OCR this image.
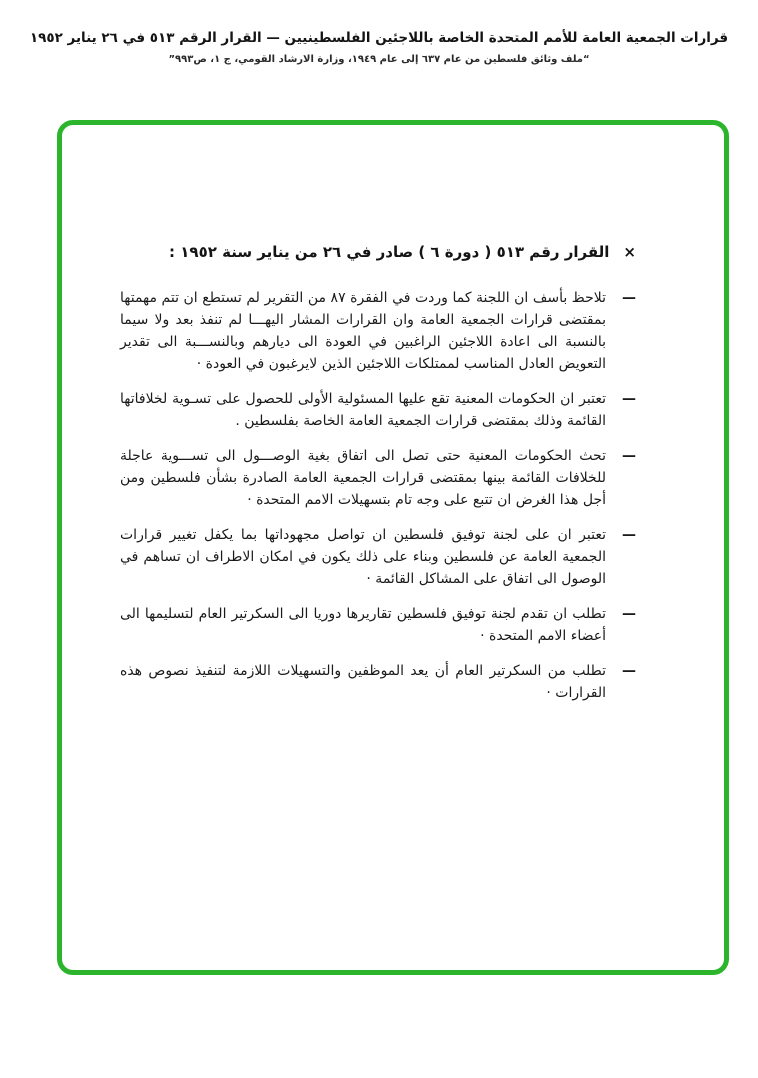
قرارات الجمعية العامة للأمم المتحدة الخاصة باللاجئين الفلسطينيين — القرار الرقم ٥١٣ في ٢٦ يناير ١٩٥٢
“ملف وثائق فلسطين من عام ٦٣٧ إلى عام ١٩٤٩، وزارة الارشاد القومي، ج ١، ص٩٩٣”
×
القرار رقم ٥١٣ ( دورة ٦ ) صادر في ٢٦ من يناير سنة ١٩٥٢ :
—
تلاحظ بأسف ان اللجنة كما وردت في الفقرة ٨٧ من التقرير لم تستطع ان تتم مهمتها بمقتضى قرارات الجمعية العامة وان القرارات المشار اليهـــا لم تنفذ بعد ولا سيما بالنسبة الى اعادة اللاجئين الراغبين في العودة الى ديارهم وبالنســـبة الى تقدير التعويض العادل المناسب لممتلكات اللاجئين الذين لايرغبون في العودة ·
—
تعتبر ان الحكومات المعنية تقع عليها المسئولية الأولى للحصول على تسـوية لخلافاتها القائمة وذلك بمقتضى قرارات الجمعية العامة الخاصة بفلسطين .
—
تحث الحكومات المعنية حتى تصل الى اتفاق بغية الوصـــول الى تســـوية عاجلة للخلافات القائمة بينها بمقتضى قرارات الجمعية العامة الصادرة بشأن فلسطين ومن أجل هذا الغرض ان تتبع على وجه تام بتسهيلات الامم المتحدة ·
—
تعتبر ان على لجنة توفيق فلسطين ان تواصل مجهوداتها بما يكفل تغيير قرارات الجمعية العامة عن فلسطين وبناء على ذلك يكون في امكان الاطراف ان تساهم في الوصول الى اتفاق على المشاكل القائمة ·
—
تطلب ان تقدم لجنة توفيق فلسطين تقاريرها دوريا الى السكرتير العام لتسليمها الى أعضاء الامم المتحدة ·
—
تطلب من السكرتير العام أن يعد الموظفين والتسهيلات اللازمة لتنفيذ نصوص هذه القرارات ·
